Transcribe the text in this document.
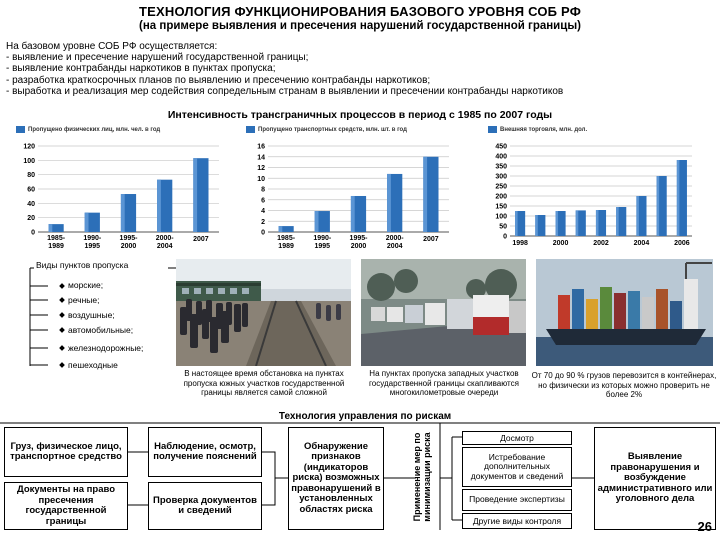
ТЕХНОЛОГИЯ ФУНКЦИОНИРОВАНИЯ БАЗОВОГО УРОВНЯ СОБ РФ
(на примере выявления и пресечения нарушений государственной границы)
На базовом уровне СОБ РФ осуществляется:
- выявление и пресечение нарушений государственной границы;
- выявление контрабанды наркотиков в пунктах пропуска;
- разработка краткосрочных планов по выявлению и пресечению контрабанды наркотиков;
- выработка и реализация мер содействия сопредельным странам в выявлении и пресечении контрабанды наркотиков
Интенсивность трансграничных процессов в период с 1985 по 2007 годы
Пропущено физических лиц, млн. чел. в год
0
20
40
60
80
100
120
1985-
1989
1990-
1995
1995-
2000
2000-
2004
2007
Пропущено транспортных средств, млн. шт. в год
0
2
4
6
8
10
12
14
16
1985-
1989
1990-
1995
1995-
2000
2000-
2004
2007
Внешняя торговля, млн. дол.
0
50
100
150
200
250
300
350
400
450
1998	2000	2002	2004	2006
Виды пунктов пропуска
морские;
речные;
воздушные;
автомобильные;
железнодорожные;
пешеходные
В настоящее время обстановка на пунктах пропуска южных участков государственной границы является самой сложной
На пунктах пропуска западных участков государственной границы скапливаются многокилометровые очереди
От 70 до 90 % грузов перевозится в контейнерах, но физически из которых можно проверить не более 2%
Технология управления по рискам
Груз, физическое лицо, транспортное средство
Документы на право пресечения государственной границы
Наблюдение, осмотр, получение пояснений
Проверка документов и сведений
Обнаружение признаков (индикаторов риска) возможных правонарушений в установленных областях риска	Применение мер по минимизации риска	Досмотр
Истребование дополнительных документов и сведений
Проведение экспертизы
Другие виды контроля
Выявление правонарушения и возбуждение административного или уголовного дела
26
